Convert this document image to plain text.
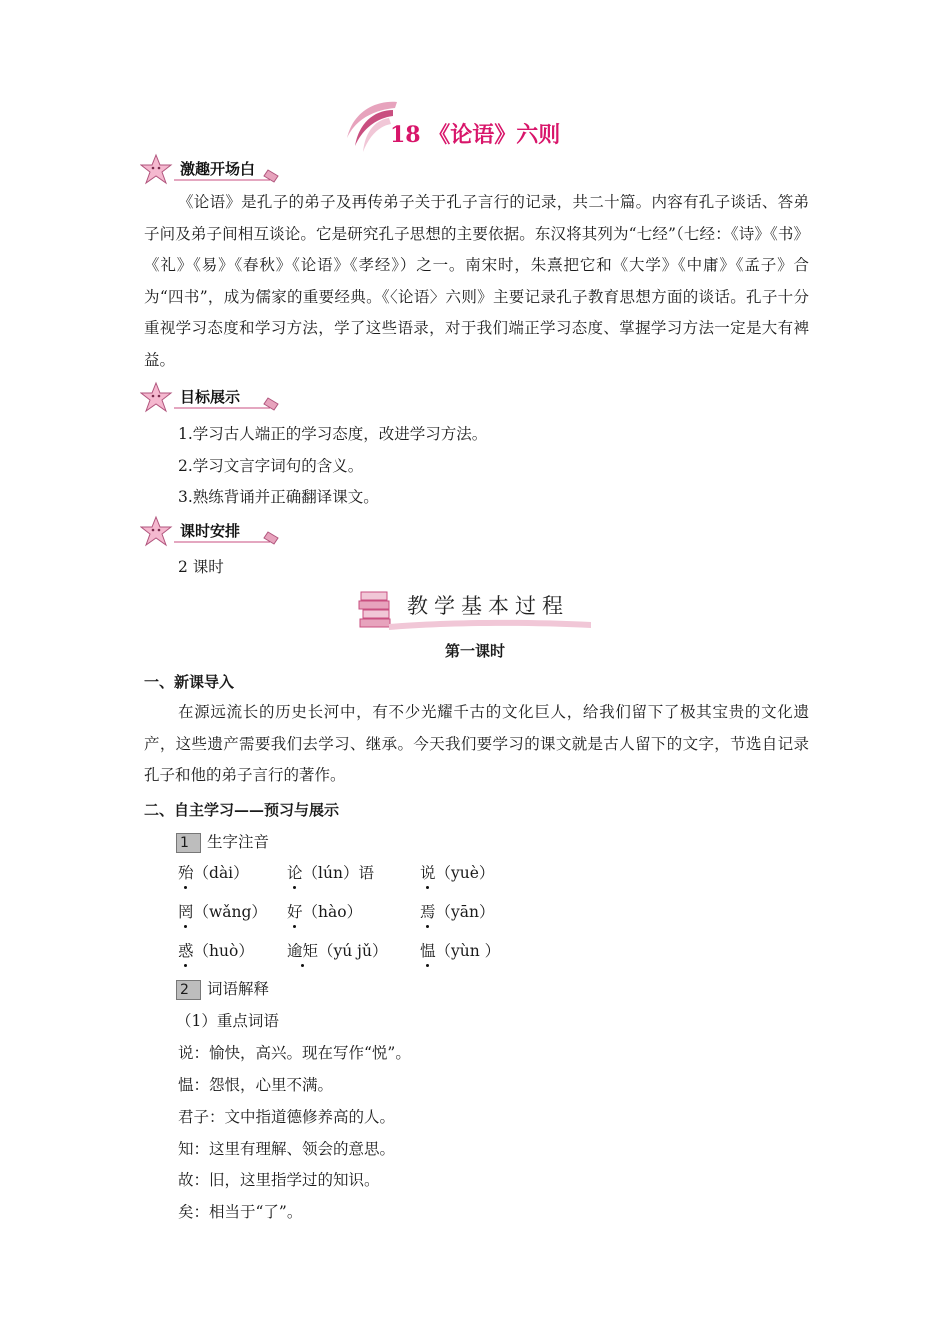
18 《论语》六则
激趣开场白
《论语》是孔子的弟子及再传弟子关于孔子言行的记录，共二十篇。内容有孔子谈话、答弟子问及弟子间相互谈论。它是研究孔子思想的主要依据。东汉将其列为“七经”（七经：《诗》《书》《礼》《易》《春秋》《论语》《孝经》）之一。南宋时，朱熹把它和《大学》《中庸》《孟子》合为“四书”，成为儒家的重要经典。《〈论语〉六则》主要记录孔子教育思想方面的谈话。孔子十分重视学习态度和学习方法，学了这些语录，对于我们端正学习态度、掌握学习方法一定是大有裨益。
目标展示
1.学习古人端正的学习态度，改进学习方法。
2.学习文言字词句的含义。
3.熟练背诵并正确翻译课文。
课时安排
2 课时
教学基本过程
第一课时
一、新课导入
在源远流长的历史长河中，有不少光耀千古的文化巨人，给我们留下了极其宝贵的文化遗产，这些遗产需要我们去学习、继承。今天我们要学习的课文就是古人留下的文字，节选自记录孔子和他的弟子言行的著作。
二、自主学习——预习与展示
1 生字注音
殆（dài） 论（lún）语	说（yuè）
罔（wǎng） 好（hào）	焉（yān）
惑（huò） 逾矩（yú jǔ） 愠（yùn ）
2 词语解释
（1）重点词语
说：愉快，高兴。现在写作“悦”。
愠：怨恨，心里不满。
君子：文中指道德修养高的人。
知：这里有理解、领会的意思。
故：旧，这里指学过的知识。
矣：相当于“了”。
